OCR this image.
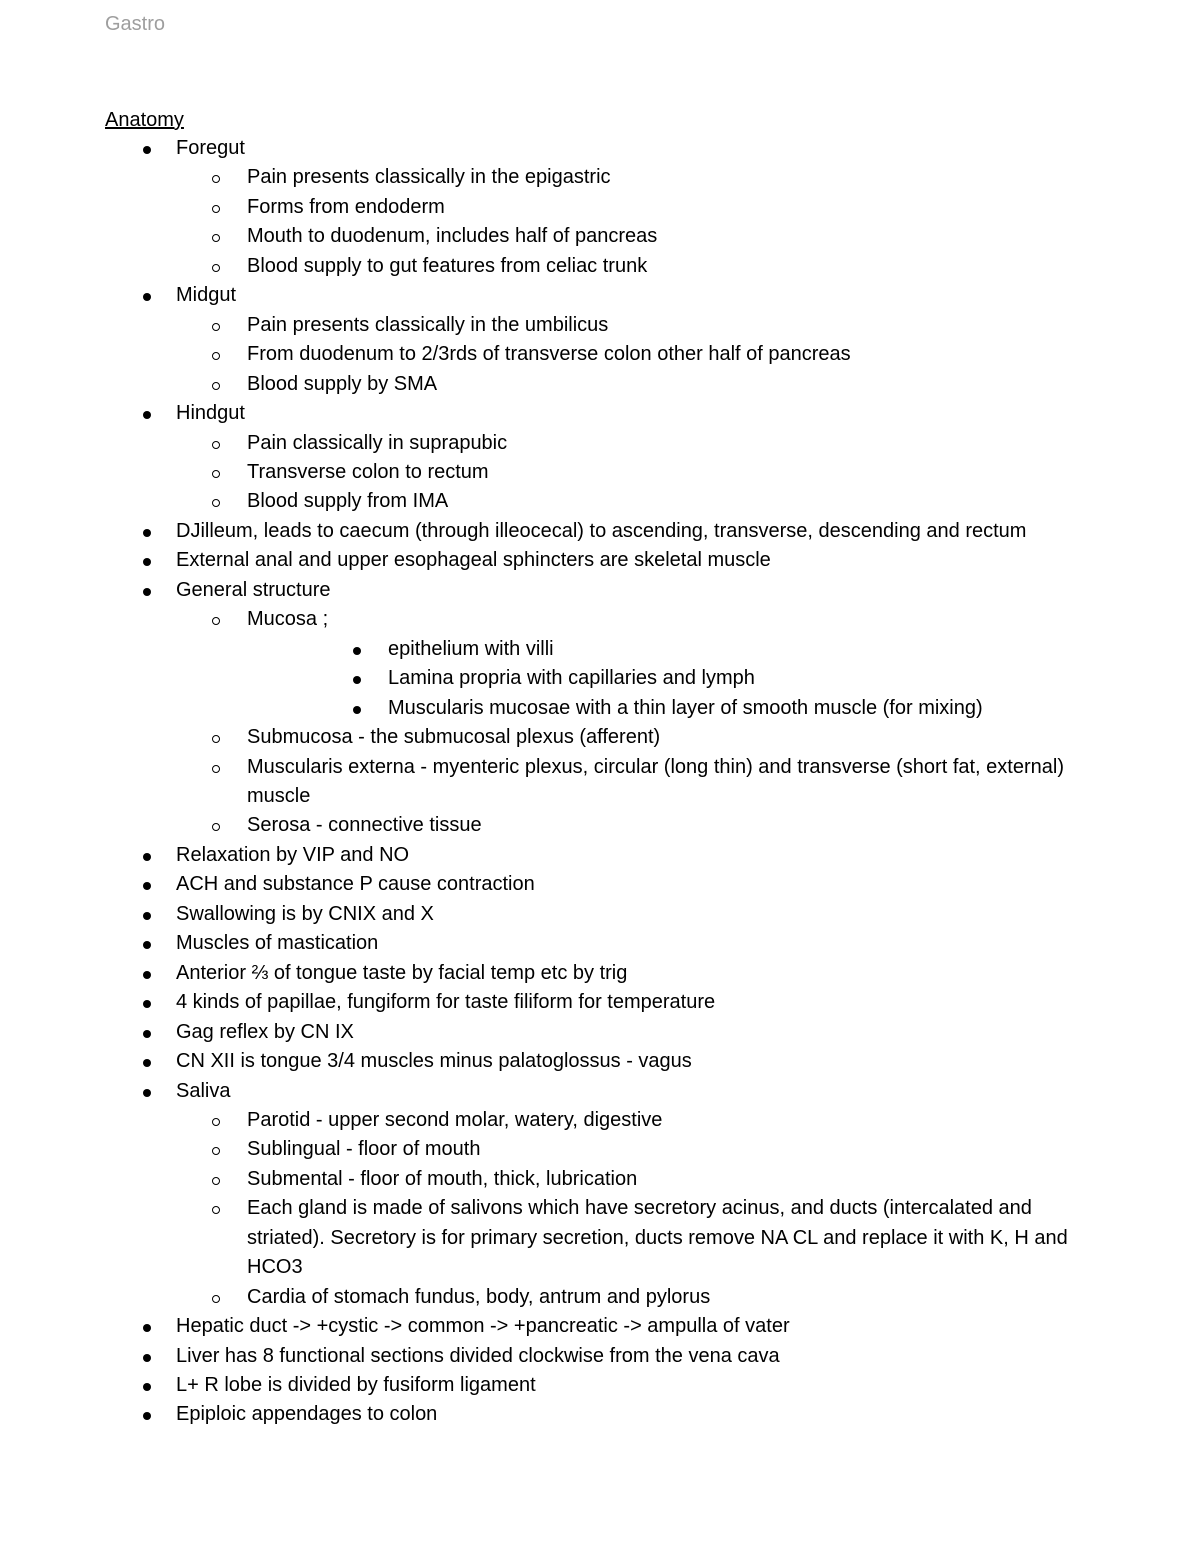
Gastro
Anatomy
Foregut
Pain presents classically in the epigastric
Forms from endoderm
Mouth to duodenum, includes half of pancreas
Blood supply to gut features from celiac trunk
Midgut
Pain presents classically in the umbilicus
From duodenum to 2/3rds of transverse colon other half of pancreas
Blood supply by SMA
Hindgut
Pain classically in suprapubic
Transverse colon to rectum
Blood supply from IMA
DJilleum, leads to caecum (through illeocecal) to ascending, transverse, descending and rectum
External anal and upper esophageal sphincters are skeletal muscle
General structure
Mucosa ;
epithelium with villi
Lamina propria with capillaries and lymph
Muscularis mucosae with a thin layer of smooth muscle (for mixing)
Submucosa - the submucosal plexus (afferent)
Muscularis externa - myenteric plexus, circular (long thin) and transverse (short fat, external) muscle
Serosa - connective tissue
Relaxation by VIP and NO
ACH and substance P cause contraction
Swallowing is by CNIX and X
Muscles of mastication
Anterior ⅔ of tongue taste by facial temp etc by trig
4 kinds of papillae, fungiform for taste filiform for temperature
Gag reflex by CN IX
CN XII is tongue 3/4 muscles minus palatoglossus - vagus
Saliva
Parotid - upper second molar, watery, digestive
Sublingual - floor of mouth
Submental - floor of mouth, thick, lubrication
Each gland is made of salivons which have secretory acinus, and ducts (intercalated and striated). Secretory is for primary secretion, ducts remove NA CL and replace it with K, H and HCO3
Cardia of stomach fundus, body, antrum and pylorus
Hepatic duct -> +cystic -> common -> +pancreatic -> ampulla of vater
Liver has 8 functional sections divided clockwise from the vena cava
L+ R lobe is divided by fusiform ligament
Epiploic appendages to colon
